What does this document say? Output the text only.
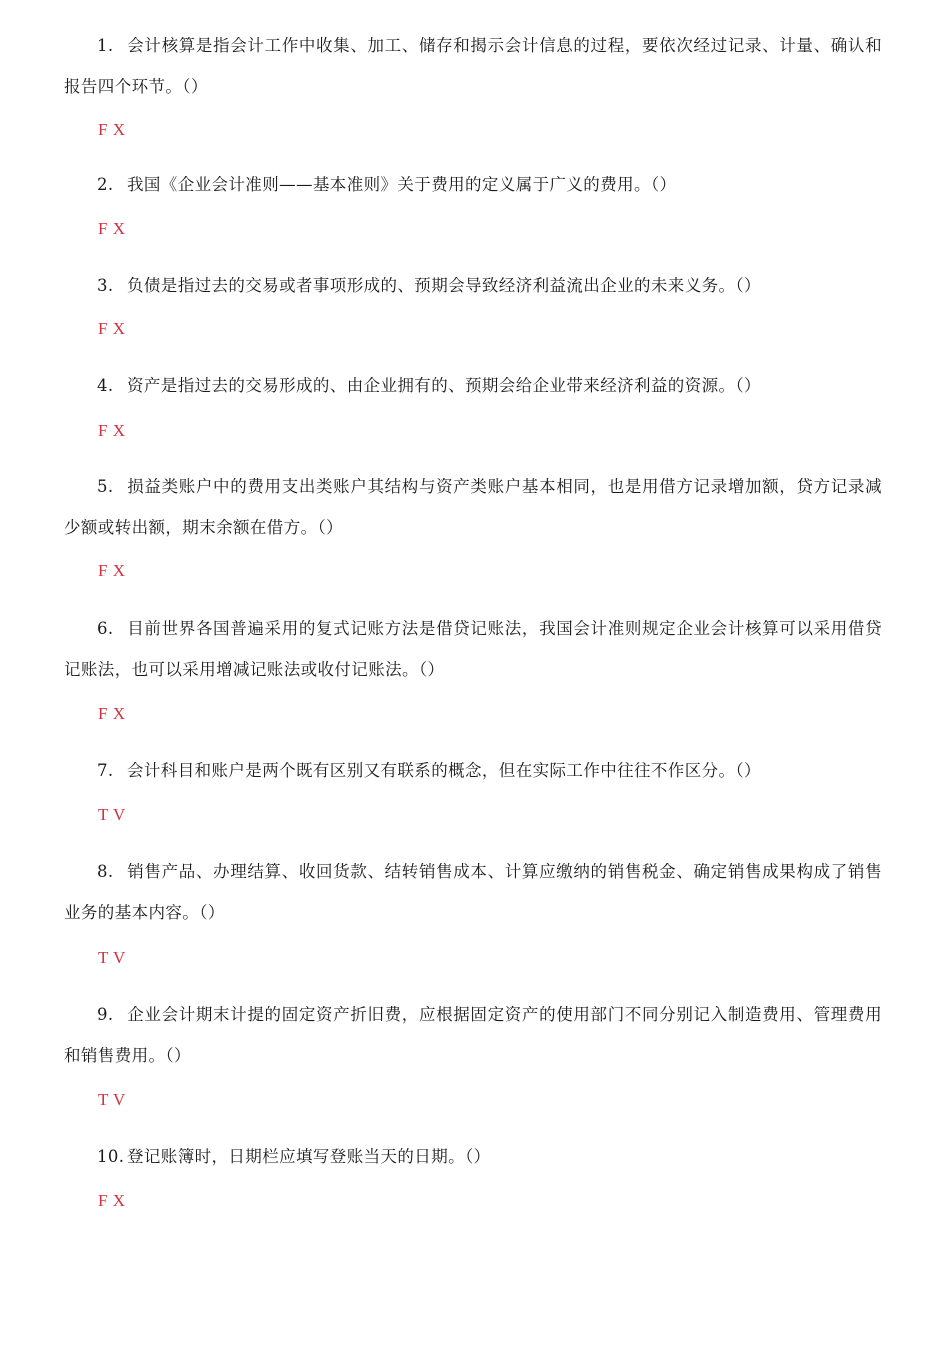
1. 会计核算是指会计工作中收集、加工、储存和揭示会计信息的过程，要依次经过记录、计量、确认和报告四个环节。（）
F X
2. 我国《企业会计准则——基本准则》关于费用的定义属于广义的费用。（）
F X
3. 负债是指过去的交易或者事项形成的、预期会导致经济利益流出企业的未来义务。（）
F X
4. 资产是指过去的交易形成的、由企业拥有的、预期会给企业带来经济利益的资源。（）
F X
5. 损益类账户中的费用支出类账户其结构与资产类账户基本相同，也是用借方记录增加额，贷方记录减少额或转出额，期末余额在借方。（）
F X
6. 目前世界各国普遍采用的复式记账方法是借贷记账法，我国会计准则规定企业会计核算可以采用借贷记账法，也可以采用增减记账法或收付记账法。（）
F X
7. 会计科目和账户是两个既有区别又有联系的概念，但在实际工作中往往不作区分。（）
T V
8. 销售产品、办理结算、收回货款、结转销售成本、计算应缴纳的销售税金、确定销售成果构成了销售业务的基本内容。（）
T V
9. 企业会计期末计提的固定资产折旧费，应根据固定资产的使用部门不同分别记入制造费用、管理费用和销售费用。（）
T V
10. 登记账簿时，日期栏应填写登账当天的日期。（）
F X
